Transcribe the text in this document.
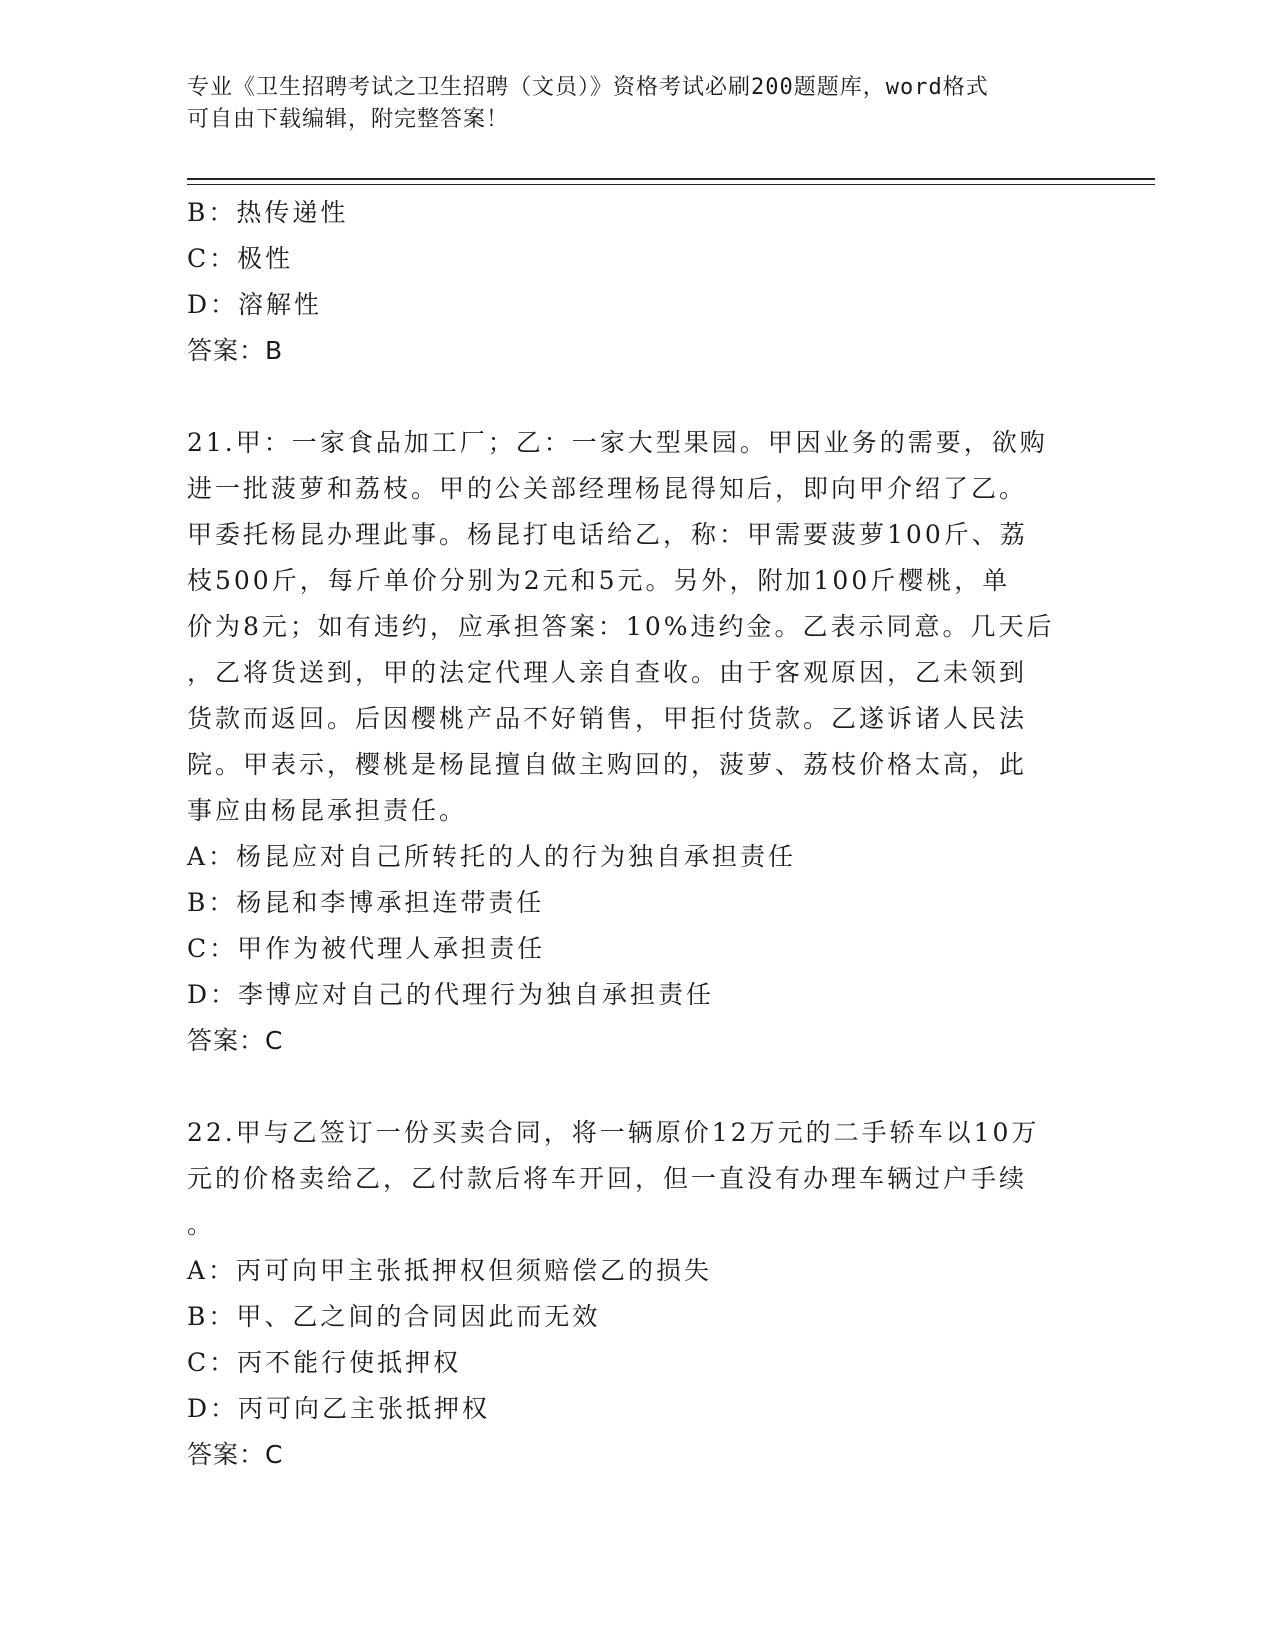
专业《卫生招聘考试之卫生招聘（文员）》资格考试必刷200题题库，word格式
可自由下载编辑，附完整答案！
B：热传递性
C：极性
D：溶解性
答案：B
21.甲：一家食品加工厂；乙：一家大型果园。甲因业务的需要，欲购
进一批菠萝和荔枝。甲的公关部经理杨昆得知后，即向甲介绍了乙。
甲委托杨昆办理此事。杨昆打电话给乙，称：甲需要菠萝100斤、荔
枝500斤，每斤单价分别为2元和5元。另外，附加100斤樱桃，单
价为8元；如有违约，应承担答案：10%违约金。乙表示同意。几天后
，乙将货送到，甲的法定代理人亲自查收。由于客观原因，乙未领到
货款而返回。后因樱桃产品不好销售，甲拒付货款。乙遂诉诸人民法
院。甲表示，樱桃是杨昆擅自做主购回的，菠萝、荔枝价格太高，此
事应由杨昆承担责任。
A：杨昆应对自己所转托的人的行为独自承担责任
B：杨昆和李博承担连带责任
C：甲作为被代理人承担责任
D：李博应对自己的代理行为独自承担责任
答案：C
22.甲与乙签订一份买卖合同，将一辆原价12万元的二手轿车以10万
元的价格卖给乙，乙付款后将车开回，但一直没有办理车辆过户手续
。
A：丙可向甲主张抵押权但须赔偿乙的损失
B：甲、乙之间的合同因此而无效
C：丙不能行使抵押权
D：丙可向乙主张抵押权
答案：C
